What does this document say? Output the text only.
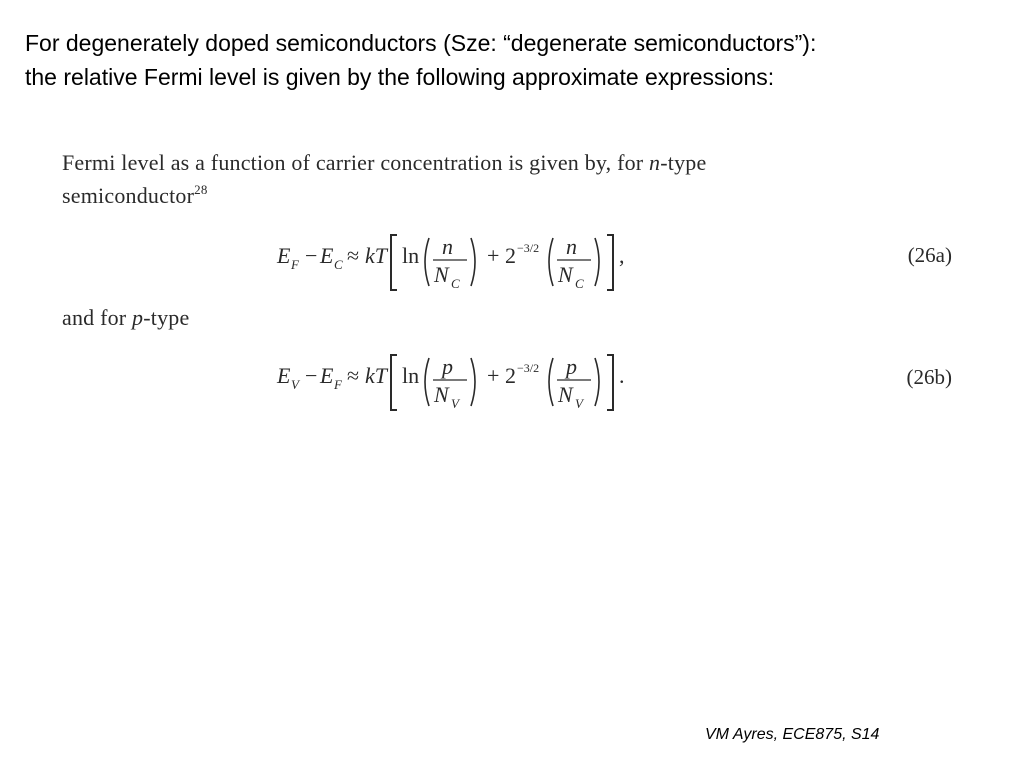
For degenerately doped semiconductors (Sze: “degenerate semiconductors”):
the relative Fermi level is given by the following approximate expressions:
Fermi level as a function of carrier concentration is given by, for n-type
semiconductor$^{28}$
E F − E C ≈ kT ln n
N C
+ 2 −3/2 n
N C
,	(26a)
and for p-type
E V − E F ≈ kT ln p
N V
+ 2 −3/2 p
N V
.	(26b)
VM Ayres, ECE875, S14
